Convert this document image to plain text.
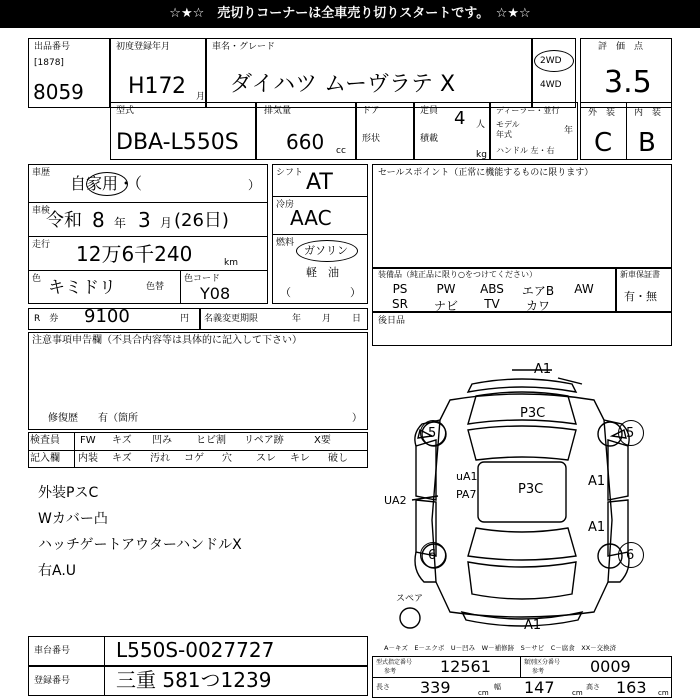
☆★☆　売切りコーナーは全車売り切りスタートです。　☆★☆
出品番号
[1878]
8059
初度登録年月
H17 2 月
車名・グレード
ダイハツ ムーヴラテ X
2WD
4WD
評　価　点
3.5
型式
DBA-L550S
排気量
660 cc
ドア
形状
定員 4 人
積載
kg
ディーラー・並行
モデル
年式	年
ハンドル 左・右
外　装 内　装
C B
車歴
自家用・（	）
車検
令和 8 年 3 月 (26日)
走行 12万6千240	km
色 キミドリ	色替
色コード
Y08
シフト AT
冷房
AAC
燃料
ガソリン
軽　油
（	）
セールスポイント（正常に機能するものに限ります）
装備品（純正品に限り○をつけてください）
PS	PW	ABS	エアB	AW
SR	ナビ	TV	カワ
新車保証書
有・無
R　券 9100	円 名義変更期限	年 月 日 後日品
注意事項申告欄（不具合内容等は具体的に記入して下さい）
修復歴　　有（箇所	）
検査員
記入欄
FW キズ 凹み ヒビ割 リペア跡	X要
内装 キズ 汚れ コゲ 穴 スレ キレ 破し
外装PスC
Wカバー凸
ハッチゲートアウターハンドルX
右A.U
A1
P3C
P3C
5	5
6	6
uA1
PA7
A1
A1
UA2
A1
スペア
A－キズ　E－エクボ　U－凹み　W－補修跡　S－サビ　C－腐食　XX－交換済
車台番号 L550S-0027727
登録番号 三重 581つ1239
型式指定番号
参考	12561	類別区分番号
参考	0009
長さ 339	cm
幅 147 cm
高さ 163 cm
